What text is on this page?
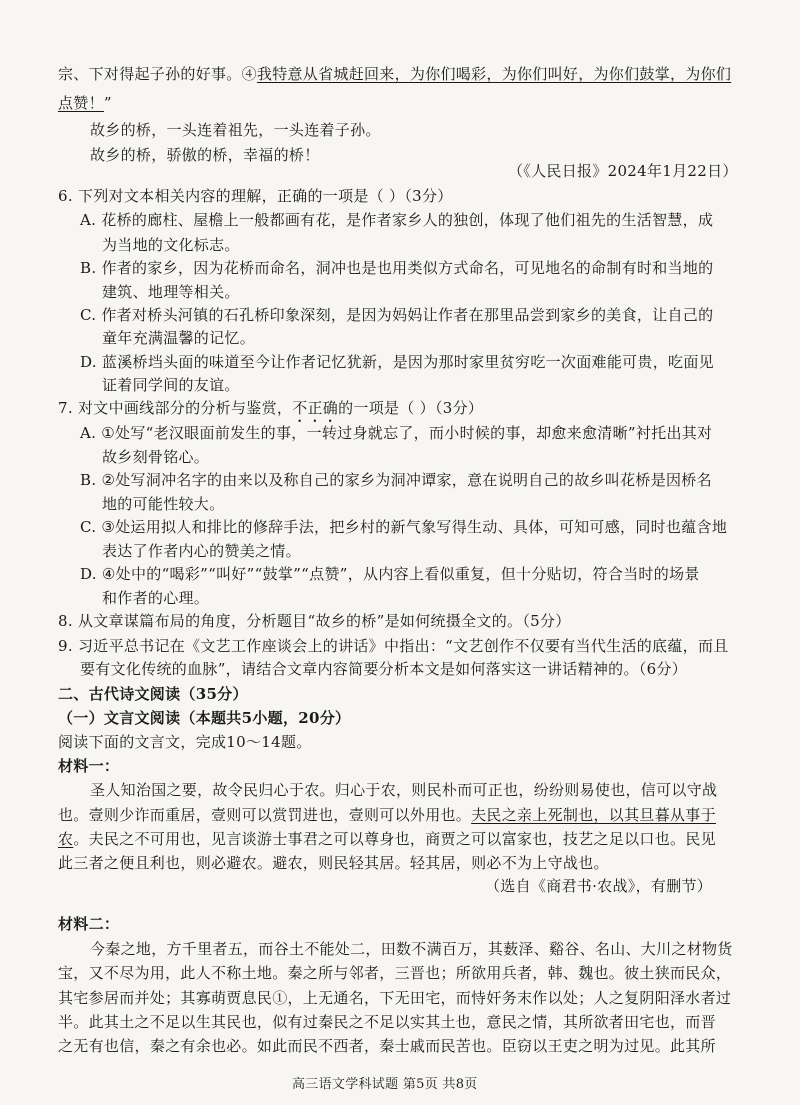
宗、下对得起子孙的好事。④我特意从省城赶回来，为你们喝彩，为你们叫好，为你们鼓掌，为你们
点赞！”
故乡的桥，一头连着祖先，一头连着子孙。
故乡的桥，骄傲的桥，幸福的桥！
（《人民日报》2024年1月22日）
6. 下列对文本相关内容的理解，正确的一项是（ ）（3分）
A. 花桥的廊柱、屋檐上一般都画有花，是作者家乡人的独创，体现了他们祖先的生活智慧，成
为当地的文化标志。
B. 作者的家乡，因为花桥而命名，洞冲也是也用类似方式命名，可见地名的命制有时和当地的
建筑、地理等相关。
C. 作者对桥头河镇的石孔桥印象深刻，是因为妈妈让作者在那里品尝到家乡的美食，让自己的
童年充满温馨的记忆。
D. 蓝溪桥垱头面的味道至今让作者记忆犹新，是因为那时家里贫穷吃一次面难能可贵，吃面见
证着同学间的友谊。
7. 对文中画线部分的分析与鉴赏，不正确的一项是（ ）（3分）
A. ①处写“老汉眼面前发生的事，一转过身就忘了，而小时候的事，却愈来愈清晰”衬托出其对
故乡刻骨铭心。
B. ②处写洞冲名字的由来以及称自己的家乡为洞冲谭家，意在说明自己的故乡叫花桥是因桥名
地的可能性较大。
C. ③处运用拟人和排比的修辞手法，把乡村的新气象写得生动、具体，可知可感，同时也蕴含地
表达了作者内心的赞美之情。
D. ④处中的“喝彩”“叫好”“鼓掌”“点赞”，从内容上看似重复，但十分贴切，符合当时的场景
和作者的心理。
8. 从文章谋篇布局的角度，分析题目“故乡的桥”是如何统摄全文的。（5分）
9. 习近平总书记在《文艺工作座谈会上的讲话》中指出：“文艺创作不仅要有当代生活的底蕴，而且
要有文化传统的血脉”，请结合文章内容简要分析本文是如何落实这一讲话精神的。（6分）
二、古代诗文阅读（35分）
（一）文言文阅读（本题共5小题，20分）
阅读下面的文言文，完成10～14题。
材料一：
圣人知治国之要，故令民归心于农。归心于农，则民朴而可正也，纷纷则易使也，信可以守战
也。壹则少诈而重居，壹则可以赏罚进也，壹则可以外用也。夫民之亲上死制也，以其旦暮从事于
农。夫民之不可用也，见言谈游士事君之可以尊身也，商贾之可以富家也，技艺之足以口也。民见
此三者之便且利也，则必避农。避农，则民轻其居。轻其居，则必不为上守战也。
（选自《商君书·农战》，有删节）
材料二：
今秦之地，方千里者五，而谷土不能处二，田数不满百万，其薮泽、谿谷、名山、大川之材物货
宝，又不尽为用，此人不称土地。秦之所与邻者，三晋也；所欲用兵者，韩、魏也。彼土狭而民众，
其宅参居而并处；其寡萌贾息民①，上无通名，下无田宅，而恃奸务末作以处；人之复阴阳泽水者过
半。此其土之不足以生其民也，似有过秦民之不足以实其土也，意民之情，其所欲者田宅也，而晋
之无有也信，秦之有余也必。如此而民不西者，秦士戚而民苦也。臣窃以王吏之明为过见。此其所
高三语文学科试题 第5页 共8页
